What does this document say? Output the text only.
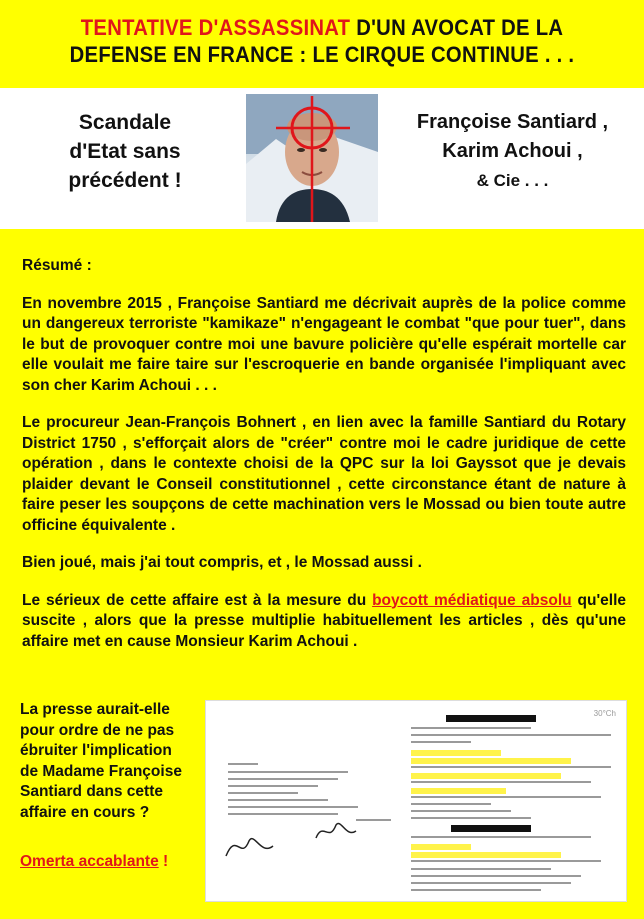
TENTATIVE D'ASSASSINAT D'UN AVOCAT DE LA
DEFENSE EN FRANCE : LE CIRQUE CONTINUE . . .
Scandale
d'Etat sans
précédent !
Françoise Santiard ,
Karim Achoui ,
& Cie . . .

Résumé :

En novembre 2015 , Françoise Santiard me décrivait auprès de la police comme un dangereux terroriste "kamikaze" n'engageant le combat "que pour tuer", dans le but de provoquer contre moi une bavure policière qu'elle espérait mortelle car elle voulait me faire taire sur l'escroquerie en bande organisée l'impliquant avec son cher Karim Achoui . . .

Le procureur Jean-François Bohnert , en lien avec la famille Santiard du Rotary District 1750 , s'efforçait alors de "créer" contre moi le cadre juridique de cette opération , dans le contexte choisi de la QPC sur la loi Gayssot que je devais plaider devant le Conseil constitutionnel , cette circonstance étant de nature à faire peser les soupçons de cette machination vers le Mossad ou bien toute autre officine équivalente .

Bien joué, mais j'ai tout compris, et , le Mossad aussi .

Le sérieux de cette affaire est à la mesure du boycott médiatique absolu qu'elle suscite , alors que la presse multiplie habituellement les articles , dès qu'une affaire met en cause Monsieur Karim Achoui .

La presse aurait-elle pour ordre de ne pas ébruiter l'implication de Madame Françoise Santiard dans cette affaire en cours ?
Omerta accablante !
30°Ch
